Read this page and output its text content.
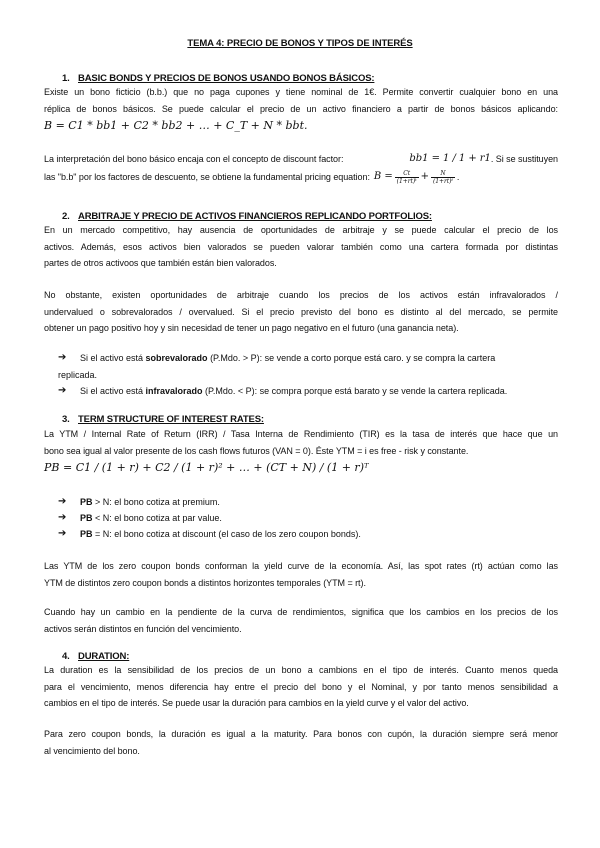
TEMA 4: PRECIO DE BONOS Y TIPOS DE INTERÉS
1. BASIC BONDS Y PRECIOS DE BONOS USANDO BONOS BÁSICOS:
Existe un bono ficticio (b.b.) que no paga cupones y tiene nominal de 1€. Permite convertir cualquier bono en una
réplica de bonos básicos. Se puede calcular el precio de un activo financiero a partir de bonos básicos aplicando:
B = C1 * bb1 + C2 * bb2 + … + C_T + N * bbt.
La interpretación del bono básico encaja con el concepto de discount factor:	bb1 = 1 / 1 + r1 . Si se sustituyen
las "b.b" por los factores de descuento, se obtiene la fundamental pricing equation: $B = \frac{Ct}{\text{(1+rt)ᵗ}} + \frac{N}{\text{(1+rt)ᵗ}}$ .
2. ARBITRAJE Y PRECIO DE ACTIVOS FINANCIEROS REPLICANDO PORTFOLIOS:
En un mercado competitivo, hay ausencia de oportunidades de arbitraje y se puede calcular el precio de los
activos. Además, esos activos bien valorados se pueden valorar también como una cartera formada por distintas
partes de otros activoos que también están bien valorados.
No obstante, existen oportunidades de arbitraje cuando los precios de los activos están infravalorados /
undervalued o sobrevalorados / overvalued. Si el precio previsto del bono es distinto al del mercado, se permite
obtener un pago positivo hoy y sin necesidad de tener un pago negativo en el futuro (una ganancia neta).
➔	Si el activo está sobrevalorado (P.Mdo. > P): se vende a corto porque está caro. y se compra la cartera
replicada.
➔	Si el activo está infravalorado (P.Mdo. < P): se compra porque está barato y se vende la cartera replicada.
3. TERM STRUCTURE OF INTEREST RATES:
La YTM / Internal Rate of Return (IRR) / Tasa Interna de Rendimiento (TIR) es la tasa de interés que hace que un
bono sea igual al valor presente de los cash flows futuros (VAN = 0). Éste YTM = i es free - risk y constante.
PB = C1 / (1 + r) + C2 / (1 + r)² + … + (CT + N) / (1 + r)ᵀ
➔	PB > N: el bono cotiza at premium.
➔	PB < N: el bono cotiza at par value.
➔	PB = N: el bono cotiza at discount (el caso de los zero coupon bonds).
Las YTM de los zero coupon bonds conforman la yield curve de la economía. Así, las spot rates (rt) actúan como las
YTM de distintos zero coupon bonds a distintos horizontes temporales (YTM = rt).
Cuando hay un cambio en la pendiente de la curva de rendimientos, significa que los cambios en los precios de los
activos serán distintos en función del vencimiento.
4. DURATION:
La duration es la sensibilidad de los precios de un bono a cambions en el tipo de interés. Cuanto menos queda
para el vencimiento, menos diferencia hay entre el precio del bono y el Nominal, y por tanto menos sensibilidad a
cambios en el tipo de interés. Se puede usar la duración para cambios en la yield curve y el valor del activo.
Para zero coupon bonds, la duración es igual a la maturity. Para bonos con cupón, la duración siempre será menor
al vencimiento del bono.
